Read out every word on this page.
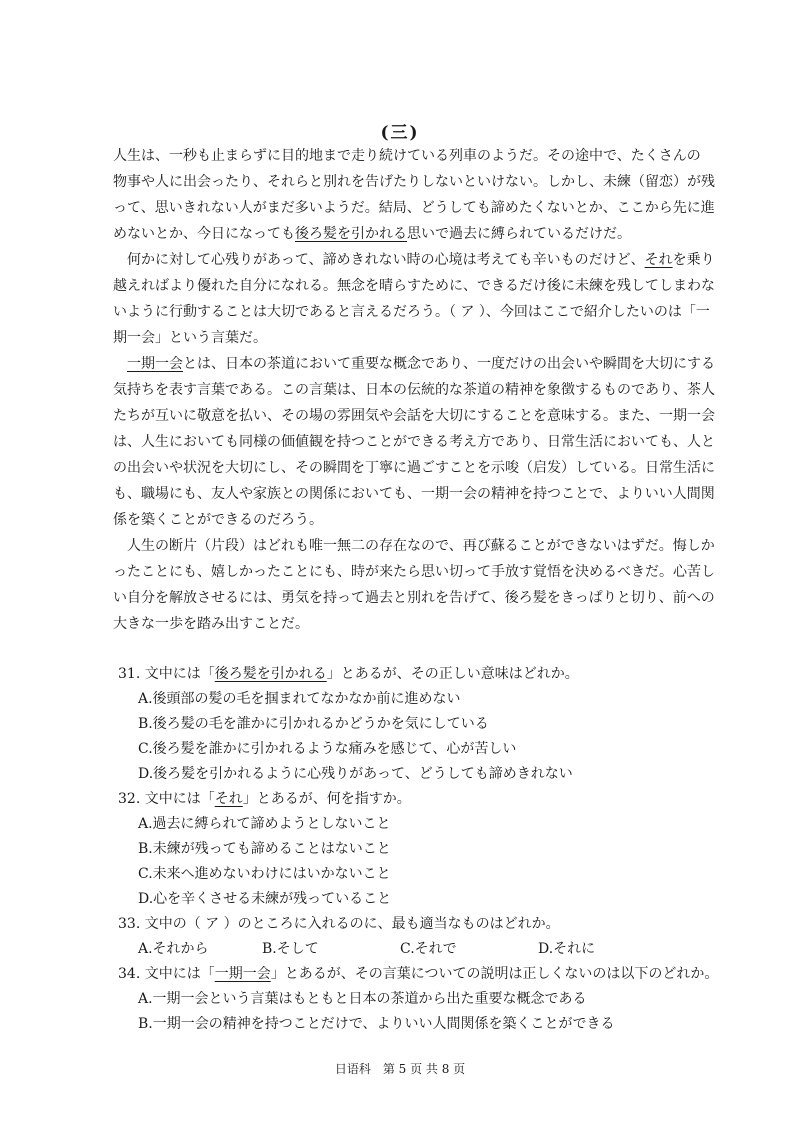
(三)
人生は、一秒も止まらずに目的地まで走り続けている列車のようだ。その途中で、たくさんの
物事や人に出会ったり、それらと別れを告げたりしないといけない。しかし、未練（留恋）が残
って、思いきれない人がまだ多いようだ。結局、どうしても諦めたくないとか、ここから先に進
めないとか、今日になっても後ろ髪を引かれる思いで過去に縛られているだけだ。
　何かに対して心残りがあって、諦めきれない時の心境は考えても辛いものだけど、それを乗り
越えればより優れた自分になれる。無念を晴らすために、できるだけ後に未練を残してしまわな
いように行動することは大切であると言えるだろう。（ ア ）、今回はここで紹介したいのは「一
期一会」という言葉だ。
　一期一会とは、日本の茶道において重要な概念であり、一度だけの出会いや瞬間を大切にする
気持ちを表す言葉である。この言葉は、日本の伝統的な茶道の精神を象徴するものであり、茶人
たちが互いに敬意を払い、その場の雰囲気や会話を大切にすることを意味する。また、一期一会
は、人生においても同様の価値観を持つことができる考え方であり、日常生活においても、人と
の出会いや状況を大切にし、その瞬間を丁寧に過ごすことを示唆（启发）している。日常生活に
も、職場にも、友人や家族との関係においても、一期一会の精神を持つことで、よりいい人間関
係を築くことができるのだろう。
　人生の断片（片段）はどれも唯一無二の存在なので、再び蘇ることができないはずだ。悔しか
ったことにも、嬉しかったことにも、時が来たら思い切って手放す覚悟を決めるべきだ。心苦し
い自分を解放させるには、勇気を持って過去と別れを告げて、後ろ髪をきっぱりと切り、前への
大きな一歩を踏み出すことだ。
31. 文中には「後ろ髪を引かれる」とあるが、その正しい意味はどれか。
A.後頭部の髪の毛を掴まれてなかなか前に進めない
B.後ろ髪の毛を誰かに引かれるかどうかを気にしている
C.後ろ髪を誰かに引かれるような痛みを感じて、心が苦しい
D.後ろ髪を引かれるように心残りがあって、どうしても諦めきれない
32. 文中には「それ」とあるが、何を指すか。
A.過去に縛られて諦めようとしないこと
B.未練が残っても諦めることはないこと
C.未来へ進めないわけにはいかないこと
D.心を辛くさせる未練が残っていること
33. 文中の（ ア ）のところに入れるのに、最も適当なものはどれか。
A.それから	B.そして	C.それで	D.それに
34. 文中には「一期一会」とあるが、その言葉についての説明は正しくないのは以下のどれか。
A.一期一会という言葉はもともと日本の茶道から出た重要な概念である
B.一期一会の精神を持つことだけで、よりいい人間関係を築くことができる
日语科　第 5 页 共 8 页
